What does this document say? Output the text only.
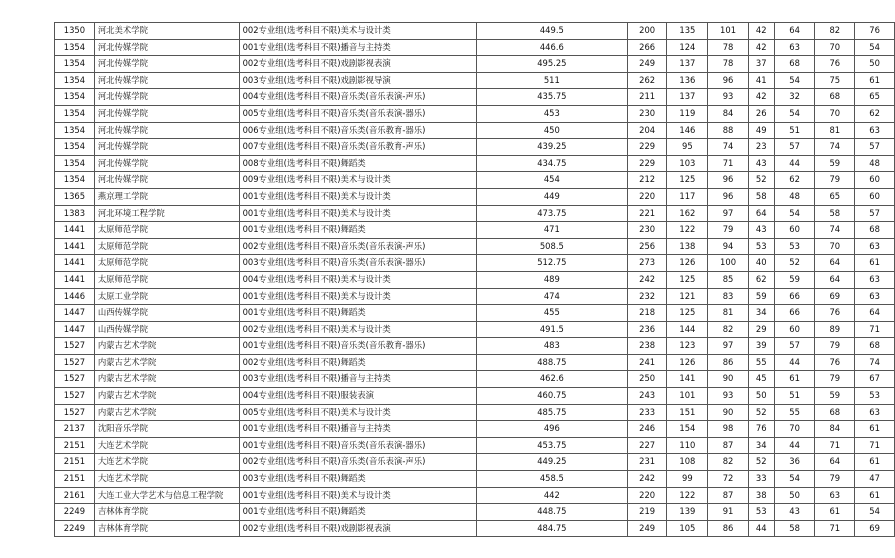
1350	河北美术学院	002专业组(选考科目不限)美术与设计类	449.5	200	135	101	42	64	82	76
1354	河北传媒学院	001专业组(选考科目不限)播音与主持类	446.6	266	124	78	42	63	70	54
1354	河北传媒学院	002专业组(选考科目不限)戏剧影视表演	495.25	249	137	78	37	68	76	50
1354	河北传媒学院	003专业组(选考科目不限)戏剧影视导演	511	262	136	96	41	54	75	61
1354	河北传媒学院	004专业组(选考科目不限)音乐类(音乐表演-声乐)	435.75	211	137	93	42	32	68	65
1354	河北传媒学院	005专业组(选考科目不限)音乐类(音乐表演-器乐)	453	230	119	84	26	54	70	62
1354	河北传媒学院	006专业组(选考科目不限)音乐类(音乐教育-器乐)	450	204	146	88	49	51	81	63
1354	河北传媒学院	007专业组(选考科目不限)音乐类(音乐教育-声乐)	439.25	229	95	74	23	57	74	57
1354	河北传媒学院	008专业组(选考科目不限)舞蹈类	434.75	229	103	71	43	44	59	48
1354	河北传媒学院	009专业组(选考科目不限)美术与设计类	454	212	125	96	52	62	79	60
1365	燕京理工学院	001专业组(选考科目不限)美术与设计类	449	220	117	96	58	48	65	60
1383	河北环境工程学院	001专业组(选考科目不限)美术与设计类	473.75	221	162	97	64	54	58	57
1441	太原师范学院	001专业组(选考科目不限)舞蹈类	471	230	122	79	43	60	74	68
1441	太原师范学院	002专业组(选考科目不限)音乐类(音乐表演-声乐)	508.5	256	138	94	53	53	70	63
1441	太原师范学院	003专业组(选考科目不限)音乐类(音乐表演-器乐)	512.75	273	126	100	40	52	64	61
1441	太原师范学院	004专业组(选考科目不限)美术与设计类	489	242	125	85	62	59	64	63
1446	太原工业学院	001专业组(选考科目不限)美术与设计类	474	232	121	83	59	66	69	63
1447	山西传媒学院	001专业组(选考科目不限)舞蹈类	455	218	125	81	34	66	76	64
1447	山西传媒学院	002专业组(选考科目不限)美术与设计类	491.5	236	144	82	29	60	89	71
1527	内蒙古艺术学院	001专业组(选考科目不限)音乐类(音乐教育-器乐)	483	238	123	97	39	57	79	68
1527	内蒙古艺术学院	002专业组(选考科目不限)舞蹈类	488.75	241	126	86	55	44	76	74
1527	内蒙古艺术学院	003专业组(选考科目不限)播音与主持类	462.6	250	141	90	45	61	79	67
1527	内蒙古艺术学院	004专业组(选考科目不限)服装表演	460.75	243	101	93	50	51	59	53
1527	内蒙古艺术学院	005专业组(选考科目不限)美术与设计类	485.75	233	151	90	52	55	68	63
2137	沈阳音乐学院	001专业组(选考科目不限)播音与主持类	496	246	154	98	76	70	84	61
2151	大连艺术学院	001专业组(选考科目不限)音乐类(音乐表演-器乐)	453.75	227	110	87	34	44	71	71
2151	大连艺术学院	002专业组(选考科目不限)音乐类(音乐表演-声乐)	449.25	231	108	82	52	36	64	61
2151	大连艺术学院	003专业组(选考科目不限)舞蹈类	458.5	242	99	72	33	54	79	47
2161	大连工业大学艺术与信息工程学院	001专业组(选考科目不限)美术与设计类	442	220	122	87	38	50	63	61
2249	吉林体育学院	001专业组(选考科目不限)舞蹈类	448.75	219	139	91	53	43	61	54
2249	吉林体育学院	002专业组(选考科目不限)戏剧影视表演	484.75	249	105	86	44	58	71	69
